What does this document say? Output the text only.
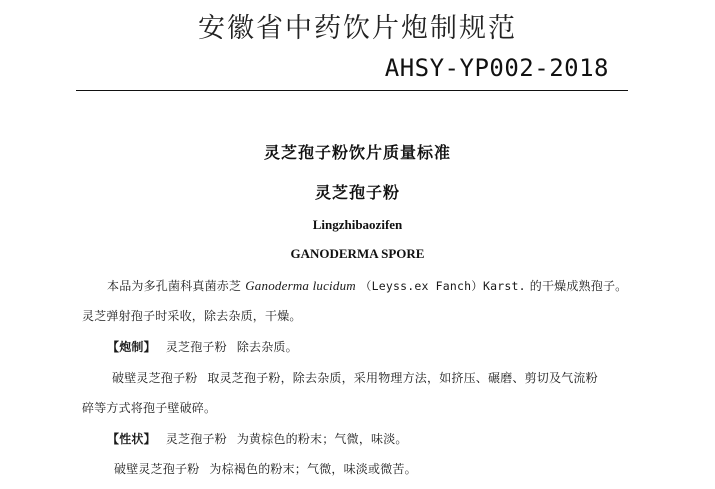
安徽省中药饮片炮制规范
AHSY-YP002-2018
灵芝孢子粉饮片质量标准
灵芝孢子粉
Lingzhibaozifen
GANODERMA SPORE
本品为多孔菌科真菌赤芝 Ganoderma lucidum （Leyss.ex Fanch）Karst. 的干燥成熟孢子。
灵芝弹射孢子时采收，除去杂质，干燥。
【炮制】 灵芝孢子粉 除去杂质。
破壁灵芝孢子粉 取灵芝孢子粉，除去杂质，采用物理方法，如挤压、碾磨、剪切及气流粉
碎等方式将孢子壁破碎。
【性状】 灵芝孢子粉 为黄棕色的粉末；气微，味淡。
破壁灵芝孢子粉 为棕褐色的粉末；气微，味淡或微苦。
